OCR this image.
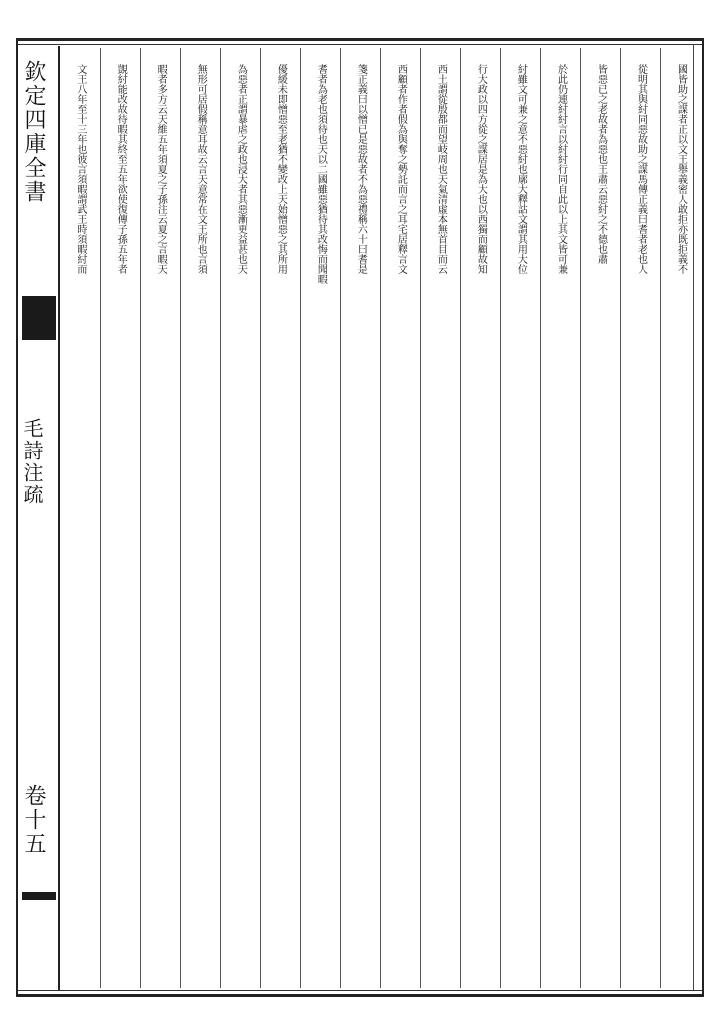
欽定四庫全書
毛詩注疏
卷十五
國皆助之謀者正以文王舉義密人敢拒亦既拒義不
從明其與紂同惡故助之謀馬傳正義曰耆者老也人
皆惡已之老故者為惡也王肅云惡紂之不德也肅
於此仍連紂紂言以紂紂行同自此以上其文皆可兼
紂雖文可兼之意不惡紂也廓大釋詁文謂其用大位
行大政以四方從之謀居是為大也以西獨而顧故知
西土謂從殷都而望岐周也天氣清虛本無首目而云
西顧者作者假為與奪之勢託而言之耳宅居釋言文
箋正義曰以憎已是惡故者不為惡禮稱六十曰耆是
耆者為老也須待也天以二國雖惡猶待其改悔而聞暇
優緩未即憎惡至老猶不變改上天始憎惡之其所用
為惡者正謂暴虐之政也浸大者其惡漸更益甚也天
無形可居假稱意耳故云言天意常在文王所也言須
暇者多方云天維五年須夏之子孫注云夏之言暇天
覬紂能改故待暇其終至五年欲使復傳子孫五年者
文王八年至十三年也彼言須暇謂武王時須暇紂而
